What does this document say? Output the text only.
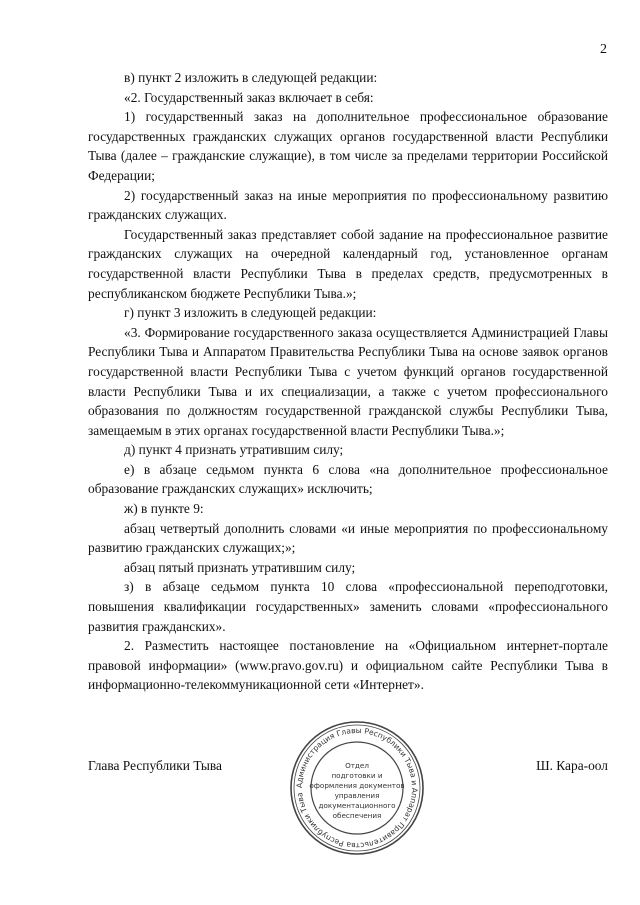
2

в) пункт 2 изложить в следующей редакции:

«2. Государственный заказ включает в себя:

1) государственный заказ на дополнительное профессиональное образование государственных гражданских служащих органов государственной власти Республики Тыва (далее – гражданские служащие), в том числе за пределами территории Российской Федерации;

2) государственный заказ на иные мероприятия по профессиональному развитию гражданских служащих.

Государственный заказ представляет собой задание на профессиональное развитие гражданских служащих на очередной календарный год, установленное органам государственной власти Республики Тыва в пределах средств, предусмотренных в республиканском бюджете Республики Тыва.»;

г) пункт 3 изложить в следующей редакции:

«3. Формирование государственного заказа осуществляется Администрацией Главы Республики Тыва и Аппаратом Правительства Республики Тыва на основе заявок органов государственной власти Республики Тыва с учетом функций органов государственной власти Республики Тыва и их специализации, а также с учетом профессионального образования по должностям государственной гражданской службы Республики Тыва, замещаемым в этих органах государственной власти Республики Тыва.»;

д) пункт 4 признать утратившим силу;

е) в абзаце седьмом пункта 6 слова «на дополнительное профессиональное образование гражданских служащих» исключить;

ж) в пункте 9:

абзац четвертый дополнить словами «и иные мероприятия по профессиональному развитию гражданских служащих;»;

абзац пятый признать утратившим силу;

з) в абзаце седьмом пункта 10 слова «профессиональной переподготовки, повышения квалификации государственных» заменить словами «профессионального развития гражданских».

2. Разместить настоящее постановление на «Официальном интернет-портале правовой информации» (www.pravo.gov.ru) и официальном сайте Республики Тыва в информационно-телекоммуникационной сети «Интернет».

Глава Республики Тыва	Ш. Кара-оол
Администрация Главы Республики Тыва и Аппарат Правительства Республики Тыва
Отдел
подготовки и
оформления документов
управления
документационного
обеспечения
